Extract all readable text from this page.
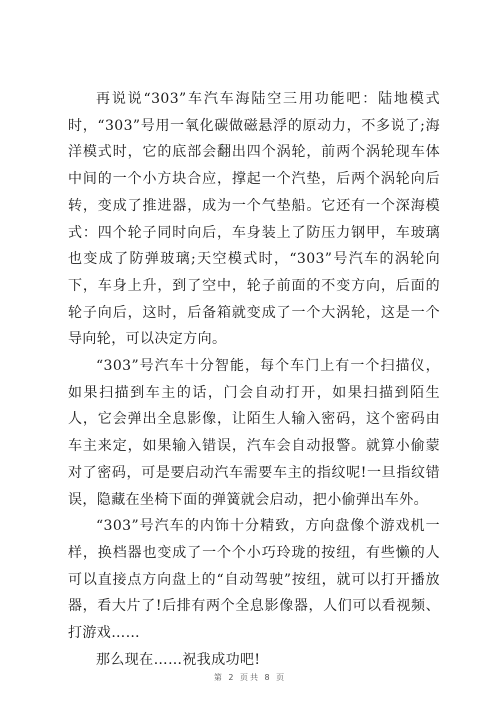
再说说“303”车汽车海陆空三用功能吧：陆地模式时，“303”号用一氧化碳做磁悬浮的原动力，不多说了;海洋模式时，它的底部会翻出四个涡轮，前两个涡轮现车体中间的一个小方块合应，撑起一个汽垫，后两个涡轮向后转，变成了推进器，成为一个气垫船。它还有一个深海模式：四个轮子同时向后，车身装上了防压力钢甲，车玻璃也变成了防弹玻璃;天空模式时，“303”号汽车的涡轮向下，车身上升，到了空中，轮子前面的不变方向，后面的轮子向后，这时，后备箱就变成了一个大涡轮，这是一个导向轮，可以决定方向。

“303”号汽车十分智能，每个车门上有一个扫描仪，如果扫描到车主的话，门会自动打开，如果扫描到陌生人，它会弹出全息影像，让陌生人输入密码，这个密码由车主来定，如果输入错误，汽车会自动报警。就算小偷蒙对了密码，可是要启动汽车需要车主的指纹呢!一旦指纹错误，隐藏在坐椅下面的弹簧就会启动，把小偷弹出车外。

“303”号汽车的内饰十分精致，方向盘像个游戏机一样，换档器也变成了一个个小巧玲珑的按纽，有些懒的人可以直接点方向盘上的“自动驾驶”按纽，就可以打开播放器，看大片了!后排有两个全息影像器，人们可以看视频、打游戏……

那么现在……祝我成功吧!

第 2 页共 8 页
